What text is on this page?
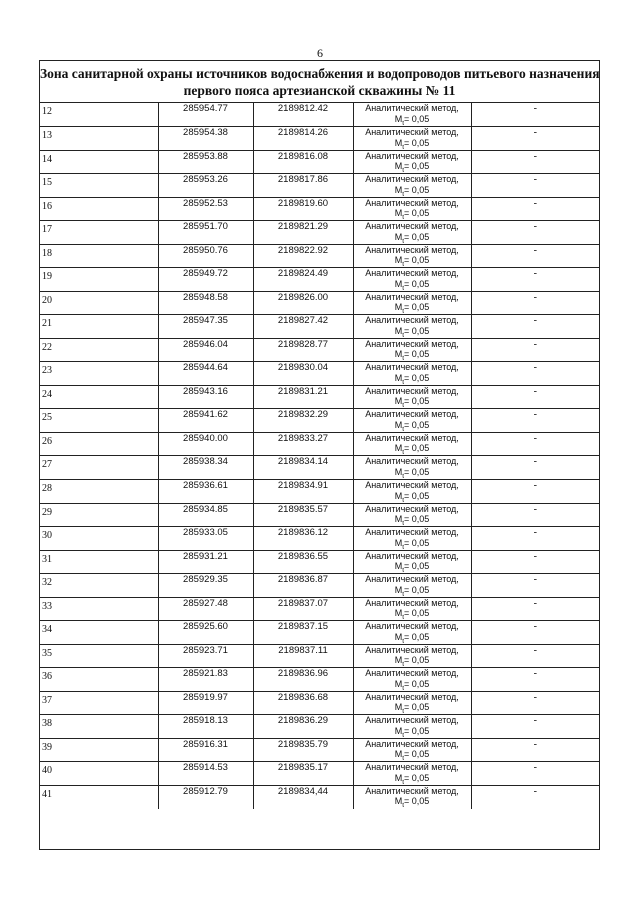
6
Зона санитарной охраны источников водоснабжения и водопроводов питьевого назначения
первого пояса артезианской скважины № 11
12	285954.77	2189812.42	Аналитический метод,
$M_t= 0,05$	-
13	285954.38	2189814.26	Аналитический метод,
$M_t= 0,05$	-
14	285953.88	2189816.08	Аналитический метод,
$M_t= 0,05$	-
15	285953.26	2189817.86	Аналитический метод,
$M_t= 0,05$	-
16	285952.53	2189819.60	Аналитический метод,
$M_t= 0,05$	-
17	285951.70	2189821.29	Аналитический метод,
$M_t= 0,05$	-
18	285950.76	2189822.92	Аналитический метод,
$M_t= 0,05$	-
19	285949.72	2189824.49	Аналитический метод,
$M_t= 0,05$	-
20	285948.58	2189826.00	Аналитический метод,
$M_t= 0,05$	-
21	285947.35	2189827.42	Аналитический метод,
$M_t= 0,05$	-
22	285946.04	2189828.77	Аналитический метод,
$M_t= 0,05$	-
23	285944.64	2189830.04	Аналитический метод,
$M_t= 0,05$	-
24	285943.16	2189831.21	Аналитический метод,
$M_t= 0,05$	-
25	285941.62	2189832.29	Аналитический метод,
$M_t= 0,05$	-
26	285940.00	2189833.27	Аналитический метод,
$M_t= 0,05$	-
27	285938.34	2189834.14	Аналитический метод,
$M_t= 0,05$	-
28	285936.61	2189834.91	Аналитический метод,
$M_t= 0,05$	-
29	285934.85	2189835.57	Аналитический метод,
$M_t= 0,05$	-
30	285933.05	2189836.12	Аналитический метод,
$M_t= 0,05$	-
31	285931.21	2189836.55	Аналитический метод,
$M_t= 0,05$	-
32	285929.35	2189836.87	Аналитический метод,
$M_t= 0,05$	-
33	285927.48	2189837.07	Аналитический метод,
$M_t= 0,05$	-
34	285925.60	2189837.15	Аналитический метод,
$M_t= 0,05$	-
35	285923.71	2189837.11	Аналитический метод,
$M_t= 0,05$	-
36	285921.83	2189836.96	Аналитический метод,
$M_t= 0,05$	-
37	285919.97	2189836.68	Аналитический метод,
$M_t= 0,05$	-
38	285918.13	2189836.29	Аналитический метод,
$M_t= 0,05$	-
39	285916.31	2189835.79	Аналитический метод,
$M_t= 0,05$	-
40	285914.53	2189835.17	Аналитический метод,
$M_t= 0,05$	-
41	285912.79	2189834,44	Аналитический метод,
$M_t= 0,05$	-
